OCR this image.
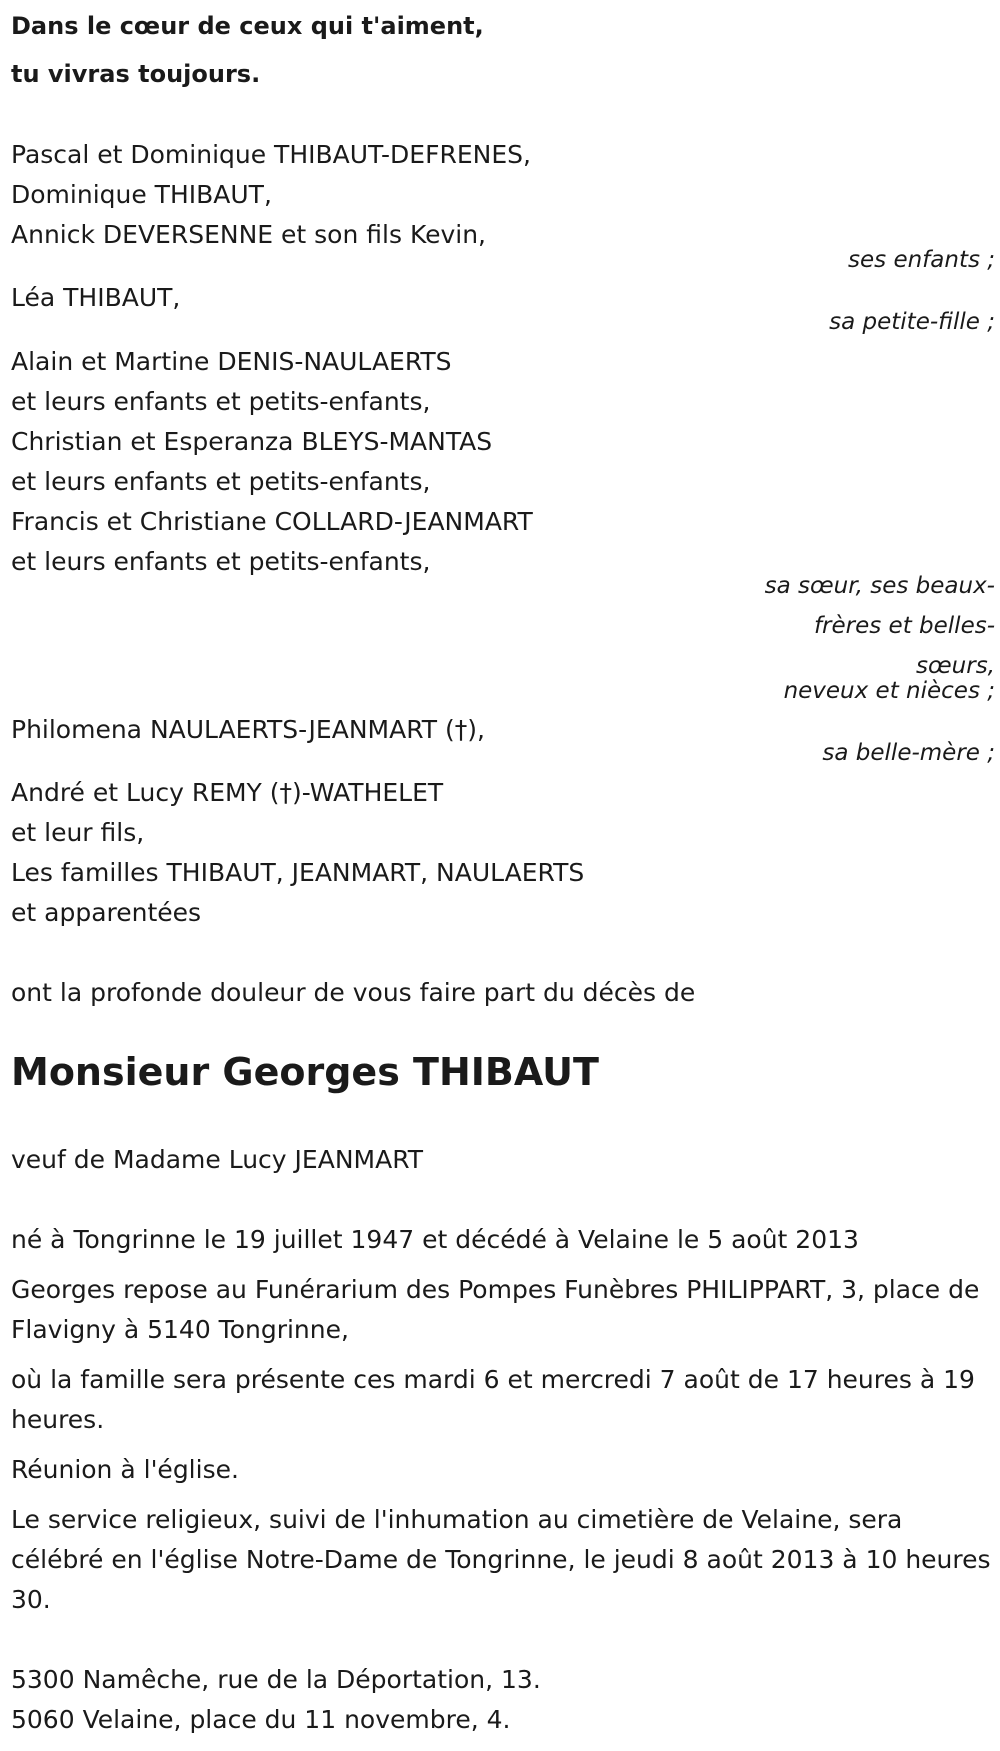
Dans le cœur de ceux qui t'aiment,
tu vivras toujours.
Pascal et Dominique THIBAUT-DEFRENES,
Dominique THIBAUT,
Annick DEVERSENNE et son fils Kevin,
ses enfants ;
Léa THIBAUT,
sa petite-fille ;
Alain et Martine DENIS-NAULAERTS
et leurs enfants et petits-enfants,
Christian et Esperanza BLEYS-MANTAS
et leurs enfants et petits-enfants,
Francis et Christiane COLLARD-JEANMART
et leurs enfants et petits-enfants,
sa sœur, ses beaux-
frères et belles-
sœurs,
neveux et nièces ;
Philomena NAULAERTS-JEANMART (†),
sa belle-mère ;
André et Lucy REMY (†)-WATHELET
et leur fils,
Les familles THIBAUT, JEANMART, NAULAERTS
et apparentées
ont la profonde douleur de vous faire part du décès de
Monsieur Georges THIBAUT
veuf de Madame Lucy JEANMART
né à Tongrinne le 19 juillet 1947 et décédé à Velaine le 5 août 2013
Georges repose au Funérarium des Pompes Funèbres PHILIPPART, 3, place de Flavigny à 5140 Tongrinne,
où la famille sera présente ces mardi 6 et mercredi 7 août de 17 heures à 19 heures.
Réunion à l'église.
Le service religieux, suivi de l'inhumation au cimetière de Velaine, sera célébré en l'église Notre-Dame de Tongrinne, le jeudi 8 août 2013 à 10 heures 30.
5300 Namêche, rue de la Déportation, 13.
5060 Velaine, place du 11 novembre, 4.
